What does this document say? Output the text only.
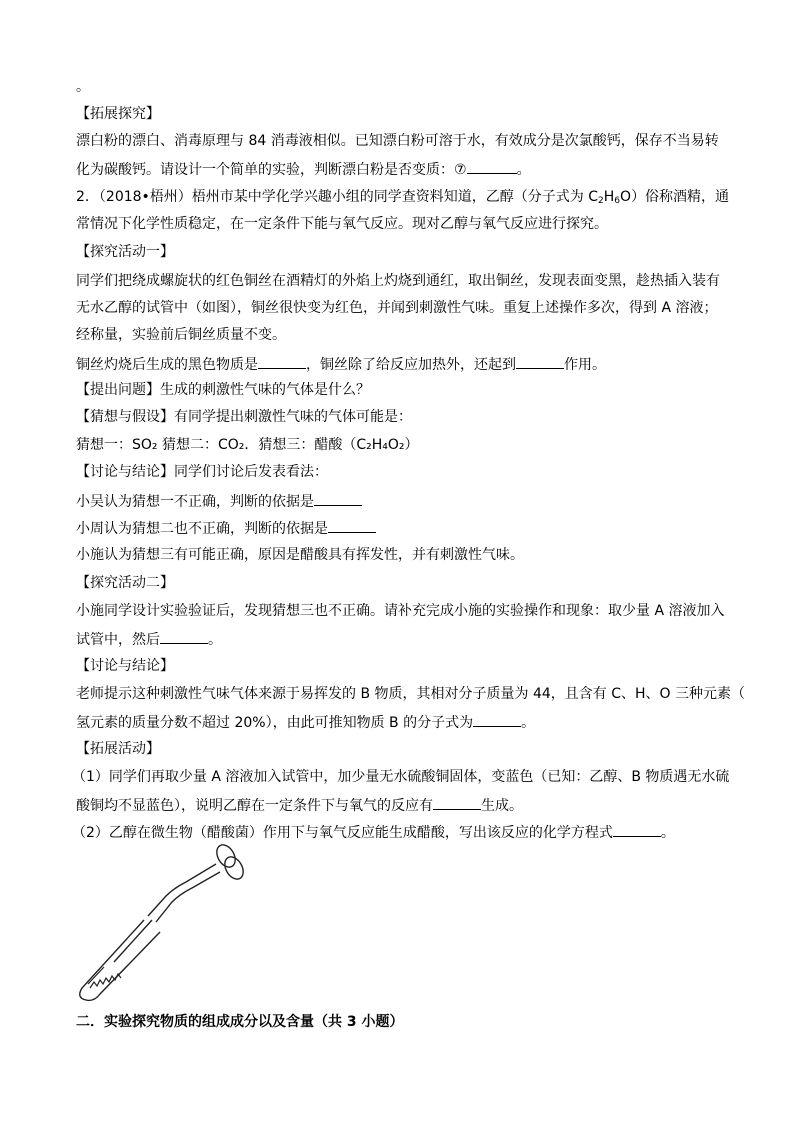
。
【拓展探究】
漂白粉的漂白、消毒原理与 84 消毒液相似。已知漂白粉可溶于水，有效成分是次氯酸钙，保存不当易转
化为碳酸钙。请设计一个简单的实验，判断漂白粉是否变质：⑦	。
2．（2018•梧州）梧州市某中学化学兴趣小组的同学查资料知道，乙醇（分子式为 $C_2H_6O$）俗称酒精，通
常情况下化学性质稳定，在一定条件下能与氧气反应。现对乙醇与氧气反应进行探究。
【探究活动一】
同学们把绕成螺旋状的红色铜丝在酒精灯的外焰上灼烧到通红，取出铜丝，发现表面变黑，趁热插入装有
无水乙醇的试管中（如图），铜丝很快变为红色，并闻到刺激性气味。重复上述操作多次，得到 A 溶液；
经称量，实验前后铜丝质量不变。
铜丝灼烧后生成的黑色物质是	，铜丝除了给反应加热外，还起到	作用。
【提出问题】生成的刺激性气味的气体是什么？
【猜想与假设】有同学提出刺激性气味的气体可能是：
猜想一：SO₂ 猜想二：CO₂．猜想三：醋酸（C₂H₄O₂）
【讨论与结论】同学们讨论后发表看法：
小吴认为猜想一不正确，判断的依据是
小周认为猜想二也不正确，判断的依据是
小施认为猜想三有可能正确，原因是醋酸具有挥发性，并有刺激性气味。
【探究活动二】
小施同学设计实验验证后，发现猜想三也不正确。请补充完成小施的实验操作和现象：取少量 A 溶液加入
试管中，然后	。
【讨论与结论】
老师提示这种刺激性气味气体来源于易挥发的 B 物质，其相对分子质量为 44，且含有 C、H、O 三种元素（
氢元素的质量分数不超过 20%），由此可推知物质 B 的分子式为	。
【拓展活动】
（1）同学们再取少量 A 溶液加入试管中，加少量无水硫酸铜固体，变蓝色（已知：乙醇、B 物质遇无水硫
酸铜均不显蓝色），说明乙醇在一定条件下与氧气的反应有	生成。
（2）乙醇在微生物（醋酸菌）作用下与氧气反应能生成醋酸，写出该反应的化学方程式	。
二．实验探究物质的组成成分以及含量（共 3 小题）
